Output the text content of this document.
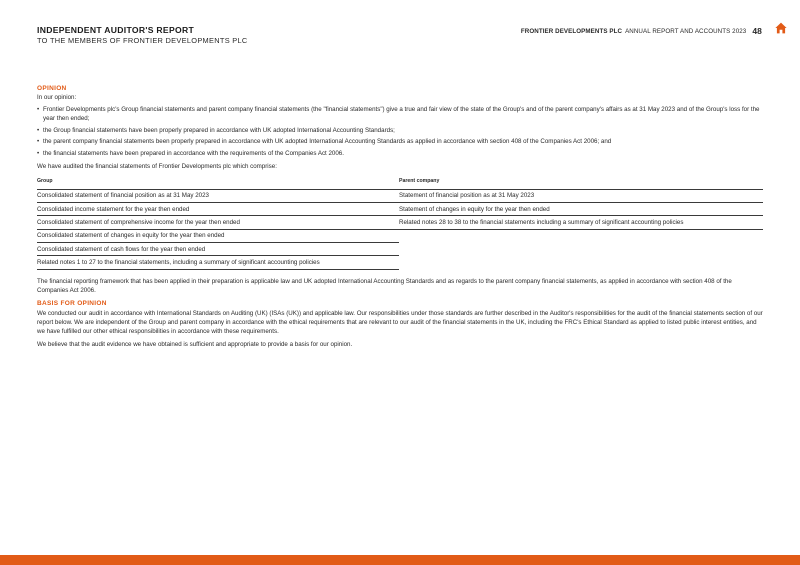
INDEPENDENT AUDITOR'S REPORT
TO THE MEMBERS OF FRONTIER DEVELOPMENTS PLC
FRONTIER DEVELOPMENTS PLC ANNUAL REPORT AND ACCOUNTS 2023 48

OPINION

In our opinion:

• Frontier Developments plc's Group financial statements and parent company financial statements (the "financial statements") give a true and fair view of the state of the Group's and of the parent company's affairs as at 31 May 2023 and of the Group's loss for the year then ended;
• the Group financial statements have been properly prepared in accordance with UK adopted International Accounting Standards;
• the parent company financial statements been properly prepared in accordance with UK adopted International Accounting Standards as applied in accordance with section 408 of the Companies Act 2006; and
• the financial statements have been prepared in accordance with the requirements of the Companies Act 2006.

We have audited the financial statements of Frontier Developments plc which comprise:

Group	Parent company
Consolidated statement of financial position as at 31 May 2023	Statement of financial position as at 31 May 2023
Consolidated income statement for the year then ended	Statement of changes in equity for the year then ended
Consolidated statement of comprehensive income for the year then ended	Related notes 28 to 38 to the financial statements including a summary of significant accounting policies
Consolidated statement of changes in equity for the year then ended	
Consolidated statement of cash flows for the year then ended	
Related notes 1 to 27 to the financial statements, including a summary of significant accounting policies	

The financial reporting framework that has been applied in their preparation is applicable law and UK adopted International Accounting Standards and as regards to the parent company financial statements, as applied in accordance with section 408 of the Companies Act 2006.

BASIS FOR OPINION

We conducted our audit in accordance with International Standards on Auditing (UK) (ISAs (UK)) and applicable law. Our responsibilities under those standards are further described in the Auditor's responsibilities for the audit of the financial statements section of our report below. We are independent of the Group and parent company in accordance with the ethical requirements that are relevant to our audit of the financial statements in the UK, including the FRC's Ethical Standard as applied to listed public interest entities, and we have fulfilled our other ethical responsibilities in accordance with these requirements.

We believe that the audit evidence we have obtained is sufficient and appropriate to provide a basis for our opinion.
